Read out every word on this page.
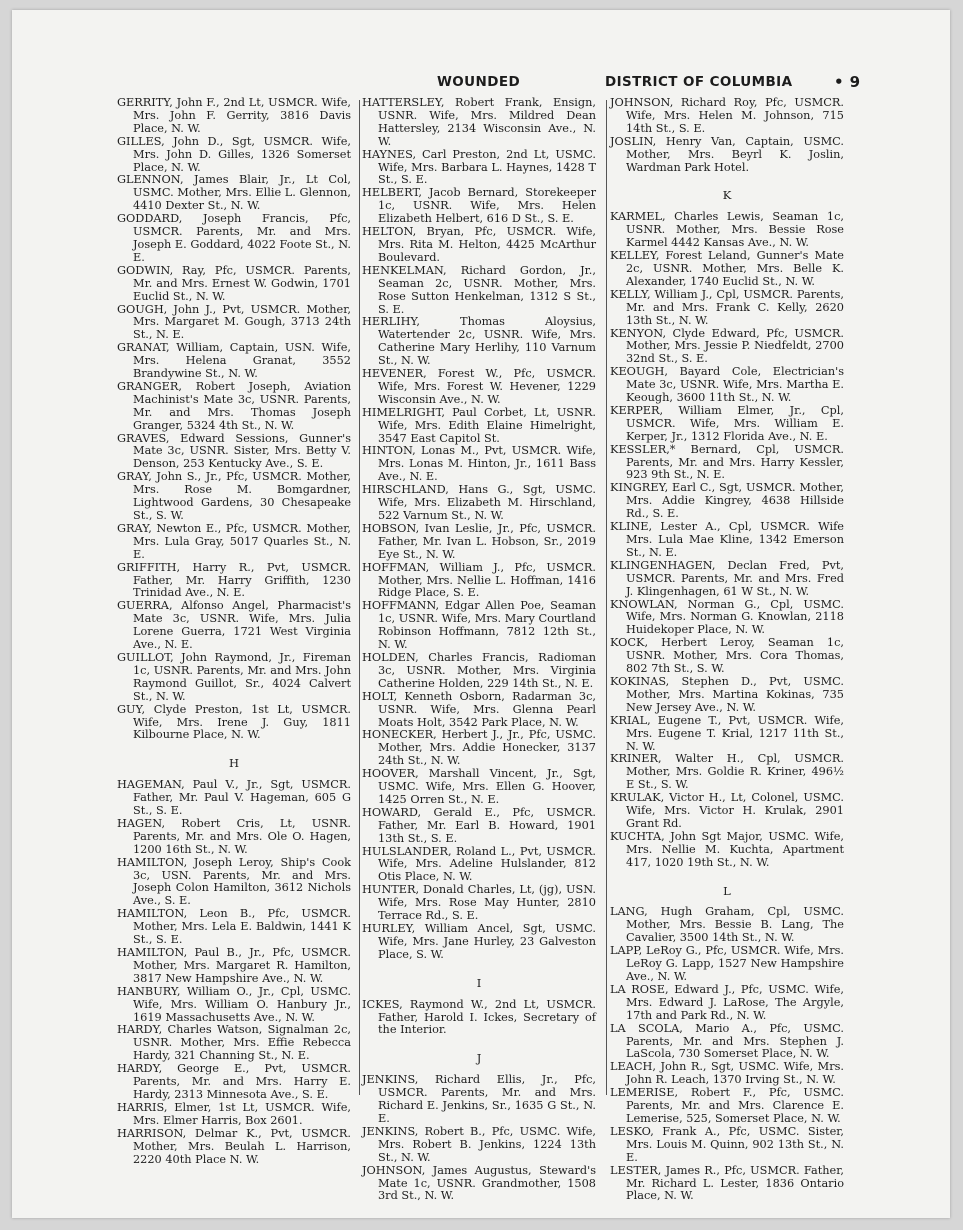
WOUNDED	DISTRICT OF COLUMBIA	• 9

GERRITY, John F., 2nd Lt, USMCR. Wife, Mrs. John F. Gerrity, 3816 Davis Place, N. W.

GILLES, John D., Sgt, USMCR. Wife, Mrs. John D. Gilles, 1326 Somerset Place, N. W.

GLENNON, James Blair, Jr., Lt Col, USMC. Mother, Mrs. Ellie L. Glennon, 4410 Dexter St., N. W.

GODDARD, Joseph Francis, Pfc, USMCR. Parents, Mr. and Mrs. Joseph E. Goddard, 4022 Foote St., N. E.

GODWIN, Ray, Pfc, USMCR. Parents, Mr. and Mrs. Ernest W. Godwin, 1701 Euclid St., N. W.

GOUGH, John J., Pvt, USMCR. Mother, Mrs. Margaret M. Gough, 3713 24th St., N. E.

GRANAT, William, Captain, USN. Wife, Mrs. Helena Granat, 3552 Brandywine St., N. W.

GRANGER, Robert Joseph, Aviation Machinist's Mate 3c, USNR. Parents, Mr. and Mrs. Thomas Joseph Granger, 5324 4th St., N. W.

GRAVES, Edward Sessions, Gunner's Mate 3c, USNR. Sister, Mrs. Betty V. Denson, 253 Kentucky Ave., S. E.

GRAY, John S., Jr., Pfc, USMCR. Mother, Mrs. Rose M. Bomgardner, Lightwood Gardens, 30 Chesapeake St., S. W.

GRAY, Newton E., Pfc, USMCR. Mother, Mrs. Lula Gray, 5017 Quarles St., N. E.

GRIFFITH, Harry R., Pvt, USMCR. Father, Mr. Harry Griffith, 1230 Trinidad Ave., N. E.

GUERRA, Alfonso Angel, Pharmacist's Mate 3c, USNR. Wife, Mrs. Julia Lorene Guerra, 1721 West Virginia Ave., N. E.

GUILLOT, John Raymond, Jr., Fireman 1c, USNR. Parents, Mr. and Mrs. John Raymond Guillot, Sr., 4024 Calvert St., N. W.

GUY, Clyde Preston, 1st Lt, USMCR. Wife, Mrs. Irene J. Guy, 1811 Kilbourne Place, N. W.

H

HAGEMAN, Paul V., Jr., Sgt, USMCR. Father, Mr. Paul V. Hageman, 605 G St., S. E.

HAGEN, Robert Cris, Lt, USNR. Parents, Mr. and Mrs. Ole O. Hagen, 1200 16th St., N. W.

HAMILTON, Joseph Leroy, Ship's Cook 3c, USN. Parents, Mr. and Mrs. Joseph Colon Hamilton, 3612 Nichols Ave., S. E.

HAMILTON, Leon B., Pfc, USMCR. Mother, Mrs. Lela E. Baldwin, 1441 K St., S. E.

HAMILTON, Paul B., Jr., Pfc, USMCR. Mother, Mrs. Margaret R. Hamilton, 3817 New Hampshire Ave., N. W.

HANBURY, William O., Jr., Cpl, USMC. Wife, Mrs. William O. Hanbury Jr., 1619 Massachusetts Ave., N. W.

HARDY, Charles Watson, Signalman 2c, USNR. Mother, Mrs. Effie Rebecca Hardy, 321 Channing St., N. E.

HARDY, George E., Pvt, USMCR. Parents, Mr. and Mrs. Harry E. Hardy, 2313 Minnesota Ave., S. E.

HARRIS, Elmer, 1st Lt, USMCR. Wife, Mrs. Elmer Harris, Box 2601.

HARRISON, Delmar K., Pvt, USMCR. Mother, Mrs. Beulah L. Harrison, 2220 40th Place N. W.

HATTERSLEY, Robert Frank, Ensign, USNR. Wife, Mrs. Mildred Dean Hattersley, 2134 Wisconsin Ave., N. W.

HAYNES, Carl Preston, 2nd Lt, USMC. Wife, Mrs. Barbara L. Haynes, 1428 T St., S. E.

HELBERT, Jacob Bernard, Storekeeper 1c, USNR. Wife, Mrs. Helen Elizabeth Helbert, 616 D St., S. E.

HELTON, Bryan, Pfc, USMCR. Wife, Mrs. Rita M. Helton, 4425 McArthur Boulevard.

HENKELMAN, Richard Gordon, Jr., Seaman 2c, USNR. Mother, Mrs. Rose Sutton Henkelman, 1312 S St., S. E.

HERLIHY, Thomas Aloysius, Watertender 2c, USNR. Wife, Mrs. Catherine Mary Herlihy, 110 Varnum St., N. W.

HEVENER, Forest W., Pfc, USMCR. Wife, Mrs. Forest W. Hevener, 1229 Wisconsin Ave., N. W.

HIMELRIGHT, Paul Corbet, Lt, USNR. Wife, Mrs. Edith Elaine Himelright, 3547 East Capitol St.

HINTON, Lonas M., Pvt, USMCR. Wife, Mrs. Lonas M. Hinton, Jr., 1611 Bass Ave., N. E.

HIRSCHLAND, Hans G., Sgt, USMC. Wife, Mrs. Elizabeth M. Hirschland, 522 Varnum St., N. W.

HOBSON, Ivan Leslie, Jr., Pfc, USMCR. Father, Mr. Ivan L. Hobson, Sr., 2019 Eye St., N. W.

HOFFMAN, William J., Pfc, USMCR. Mother, Mrs. Nellie L. Hoffman, 1416 Ridge Place, S. E.

HOFFMANN, Edgar Allen Poe, Seaman 1c, USNR. Wife, Mrs. Mary Courtland Robinson Hoffmann, 7812 12th St., N. W.

HOLDEN, Charles Francis, Radioman 3c, USNR. Mother, Mrs. Virginia Catherine Holden, 229 14th St., N. E.

HOLT, Kenneth Osborn, Radarman 3c, USNR. Wife, Mrs. Glenna Pearl Moats Holt, 3542 Park Place, N. W.

HONECKER, Herbert J., Jr., Pfc, USMC. Mother, Mrs. Addie Honecker, 3137 24th St., N. W.

HOOVER, Marshall Vincent, Jr., Sgt, USMC. Wife, Mrs. Ellen G. Hoover, 1425 Orren St., N. E.

HOWARD, Gerald E., Pfc, USMCR. Father, Mr. Earl B. Howard, 1901 13th St., S. E.

HULSLANDER, Roland L., Pvt, USMCR. Wife, Mrs. Adeline Hulslander, 812 Otis Place, N. W.

HUNTER, Donald Charles, Lt, (jg), USN. Wife, Mrs. Rose May Hunter, 2810 Terrace Rd., S. E.

HURLEY, William Ancel, Sgt, USMC. Wife, Mrs. Jane Hurley, 23 Galveston Place, S. W.

I

ICKES, Raymond W., 2nd Lt, USMCR. Father, Harold I. Ickes, Secretary of the Interior.

J

JENKINS, Richard Ellis, Jr., Pfc, USMCR. Parents, Mr. and Mrs. Richard E. Jenkins, Sr., 1635 G St., N. E.

JENKINS, Robert B., Pfc, USMC. Wife, Mrs. Robert B. Jenkins, 1224 13th St., N. W.

JOHNSON, James Augustus, Steward's Mate 1c, USNR. Grandmother, 1508 3rd St., N. W.

JOHNSON, Richard Roy, Pfc, USMCR. Wife, Mrs. Helen M. Johnson, 715 14th St., S. E.

JOSLIN, Henry Van, Captain, USMC. Mother, Mrs. Beyrl K. Joslin, Wardman Park Hotel.

K

KARMEL, Charles Lewis, Seaman 1c, USNR. Mother, Mrs. Bessie Rose Karmel 4442 Kansas Ave., N. W.

KELLEY, Forest Leland, Gunner's Mate 2c, USNR. Mother, Mrs. Belle K. Alexander, 1740 Euclid St., N. W.

KELLY, William J., Cpl, USMCR. Parents, Mr. and Mrs. Frank C. Kelly, 2620 13th St., N. W.

KENYON, Clyde Edward, Pfc, USMCR. Mother, Mrs. Jessie P. Niedfeldt, 2700 32nd St., S. E.

KEOUGH, Bayard Cole, Electrician's Mate 3c, USNR. Wife, Mrs. Martha E. Keough, 3600 11th St., N. W.

KERPER, William Elmer, Jr., Cpl, USMCR. Wife, Mrs. William E. Kerper, Jr., 1312 Florida Ave., N. E.

KESSLER,* Bernard, Cpl, USMCR. Parents, Mr. and Mrs. Harry Kessler, 923 9th St., N. E.

KINGREY, Earl C., Sgt, USMCR. Mother, Mrs. Addie Kingrey, 4638 Hillside Rd., S. E.

KLINE, Lester A., Cpl, USMCR. Wife Mrs. Lula Mae Kline, 1342 Emerson St., N. E.

KLINGENHAGEN, Declan Fred, Pvt, USMCR. Parents, Mr. and Mrs. Fred J. Klingenhagen, 61 W St., N. W.

KNOWLAN, Norman G., Cpl, USMC. Wife, Mrs. Norman G. Knowlan, 2118 Huidekoper Place, N. W.

KOCK, Herbert Leroy, Seaman 1c, USNR. Mother, Mrs. Cora Thomas, 802 7th St., S. W.

KOKINAS, Stephen D., Pvt, USMC. Mother, Mrs. Martina Kokinas, 735 New Jersey Ave., N. W.

KRIAL, Eugene T., Pvt, USMCR. Wife, Mrs. Eugene T. Krial, 1217 11th St., N. W.

KRINER, Walter H., Cpl, USMCR. Mother, Mrs. Goldie R. Kriner, 496½ E St., S. W.

KRULAK, Victor H., Lt, Colonel, USMC. Wife, Mrs. Victor H. Krulak, 2901 Grant Rd.

KUCHTA, John Sgt Major, USMC. Wife, Mrs. Nellie M. Kuchta, Apartment 417, 1020 19th St., N. W.

L

LANG, Hugh Graham, Cpl, USMC. Mother, Mrs. Bessie B. Lang, The Cavalier, 3500 14th St., N. W.

LAPP, LeRoy G., Pfc, USMCR. Wife, Mrs. LeRoy G. Lapp, 1527 New Hampshire Ave., N. W.

LA ROSE, Edward J., Pfc, USMC. Wife, Mrs. Edward J. LaRose, The Argyle, 17th and Park Rd., N. W.

LA SCOLA, Mario A., Pfc, USMC. Parents, Mr. and Mrs. Stephen J. LaScola, 730 Somerset Place, N. W.

LEACH, John R., Sgt, USMC. Wife, Mrs. John R. Leach, 1370 Irving St., N. W.

LEMERISE, Robert F., Pfc, USMC. Parents, Mr. and Mrs. Clarence E. Lemerise, 525, Somerset Place, N. W.

LESKO, Frank A., Pfc, USMC. Sister, Mrs. Louis M. Quinn, 902 13th St., N. E.

LESTER, James R., Pfc, USMCR. Father, Mr. Richard L. Lester, 1836 Ontario Place, N. W.
